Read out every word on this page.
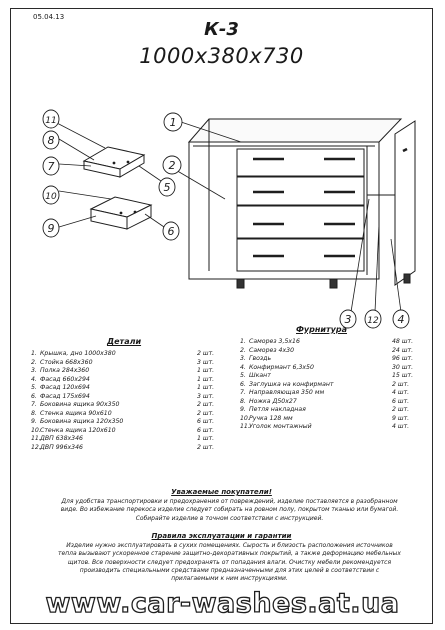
05.04.13
К-3
1000x380x730
1
2
11
8
7
5
10
9	6
3 12 4
Детали
1. Крышка, дно 1000х380	2 шт.
2. Стойка 668х360	3 шт.
3. Полка 284х360	1 шт.
4. Фасад 660х294	1 шт.
5. Фасад 120х694	1 шт.
6. Фасад 175х694	3 шт.
7. Боковина ящика 90х350	2 шт.
8. Стенка ящика 90х610	2 шт.
9. Боковина ящика 120х350	6 шт.
10.Стенка ящика 120х610	6 шт.
11.ДВП 638х346	1 шт.
12.ДВП 996х346	2 шт.
Фурнитура
1. Саморез 3,5х16	48 шт.
2. Саморез 4х30	24 шт.
3. Гвоздь	96 шт.
4. Конфирмант 6,3х50	30 шт.
5. Шкант	15 шт.
6. Заглушка на конфирмант	2 шт.
7. Направляющая 350 мм	4 шт.
8. Ножка Д50х27	6 шт.
9. Петля накладная	2 шт.
10.Ручка 128 мм	9 шт.
11.Уголок монтажный	4 шт.
Уважаемые покупатели!
Для удобства транспортировки и предохранения от повреждений, изделие поставляется в разобранном виде. Во избежание перекоса изделие следует собирать на ровном полу, покрытом тканью или бумагой. Собирайте изделие в точном соответствии с инструкцией.
Правила эксплуатации и гарантии
Изделие нужно эксплуатировать в сухих помещениях. Сырость и близость расположения источников тепла вызывают ускоренное старение защитно-декоративных покрытий, а также деформацию мебельных щитов. Все поверхности следует предохранять от попадания влаги. Очистку мебели рекомендуется производить специальными средствами предназначенными для этих целей в соответствии с прилагаемыми к ним инструкциями.
www.car-washes.at.ua
